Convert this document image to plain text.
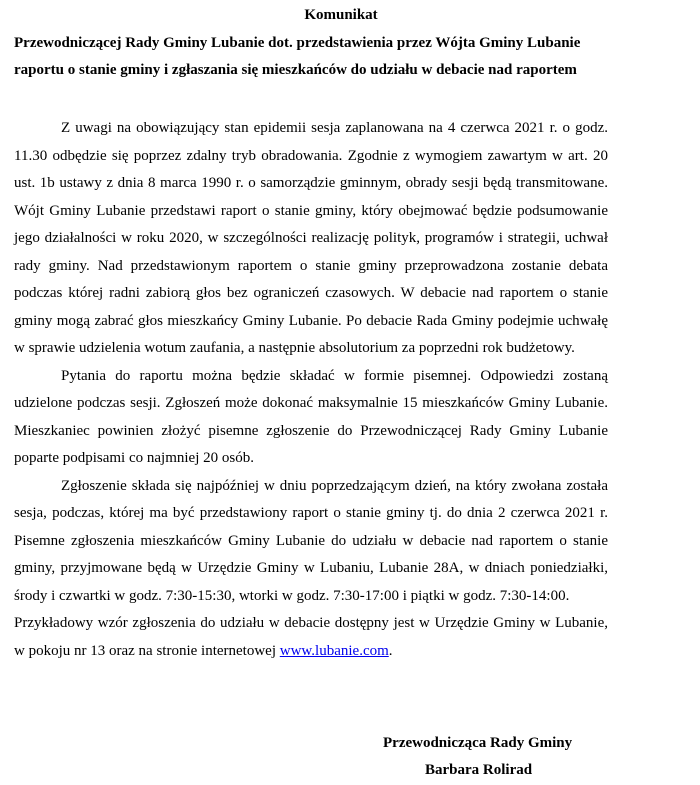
Komunikat

Przewodniczącej Rady Gminy Lubanie dot. przedstawienia przez Wójta Gminy Lubanie

raportu o stanie gminy i zgłaszania się mieszkańców do udziału w debacie nad raportem

Z uwagi na obowiązujący stan epidemii sesja zaplanowana na 4 czerwca 2021 r. o godz. 11.30 odbędzie się poprzez zdalny tryb obradowania. Zgodnie z wymogiem zawartym w art. 20 ust. 1b ustawy z dnia 8 marca 1990 r. o samorządzie gminnym, obrady sesji będą transmitowane. Wójt Gminy Lubanie przedstawi raport o stanie gminy, który obejmować będzie podsumowanie jego działalności w roku 2020, w szczególności realizację polityk, programów i strategii, uchwał rady gminy. Nad przedstawionym raportem o stanie gminy przeprowadzona zostanie debata podczas której radni zabiorą głos bez ograniczeń czasowych. W debacie nad raportem o stanie gminy mogą zabrać głos mieszkańcy Gminy Lubanie. Po debacie Rada Gminy podejmie uchwałę w sprawie udzielenia wotum zaufania, a następnie absolutorium za poprzedni rok budżetowy.

Pytania do raportu można będzie składać w formie pisemnej. Odpowiedzi zostaną udzielone podczas sesji. Zgłoszeń może dokonać maksymalnie 15 mieszkańców Gminy Lubanie. Mieszkaniec powinien złożyć pisemne zgłoszenie do Przewodniczącej Rady Gminy Lubanie poparte podpisami co najmniej 20 osób.

Zgłoszenie składa się najpóźniej w dniu poprzedzającym dzień, na który zwołana została sesja, podczas, której ma być przedstawiony raport o stanie gminy tj. do dnia 2 czerwca 2021 r. Pisemne zgłoszenia mieszkańców Gminy Lubanie do udziału w debacie nad raportem o stanie gminy, przyjmowane będą w Urzędzie Gminy w Lubaniu, Lubanie 28A, w dniach poniedziałki, środy i czwartki w godz. 7:30-15:30, wtorki w godz. 7:30-17:00 i piątki w godz. 7:30-14:00.

Przykładowy wzór zgłoszenia do udziału w debacie dostępny jest w Urzędzie Gminy w Lubanie, w pokoju nr 13 oraz na stronie internetowej www.lubanie.com.

Przewodnicząca Rady Gminy
Barbara Rolirad
